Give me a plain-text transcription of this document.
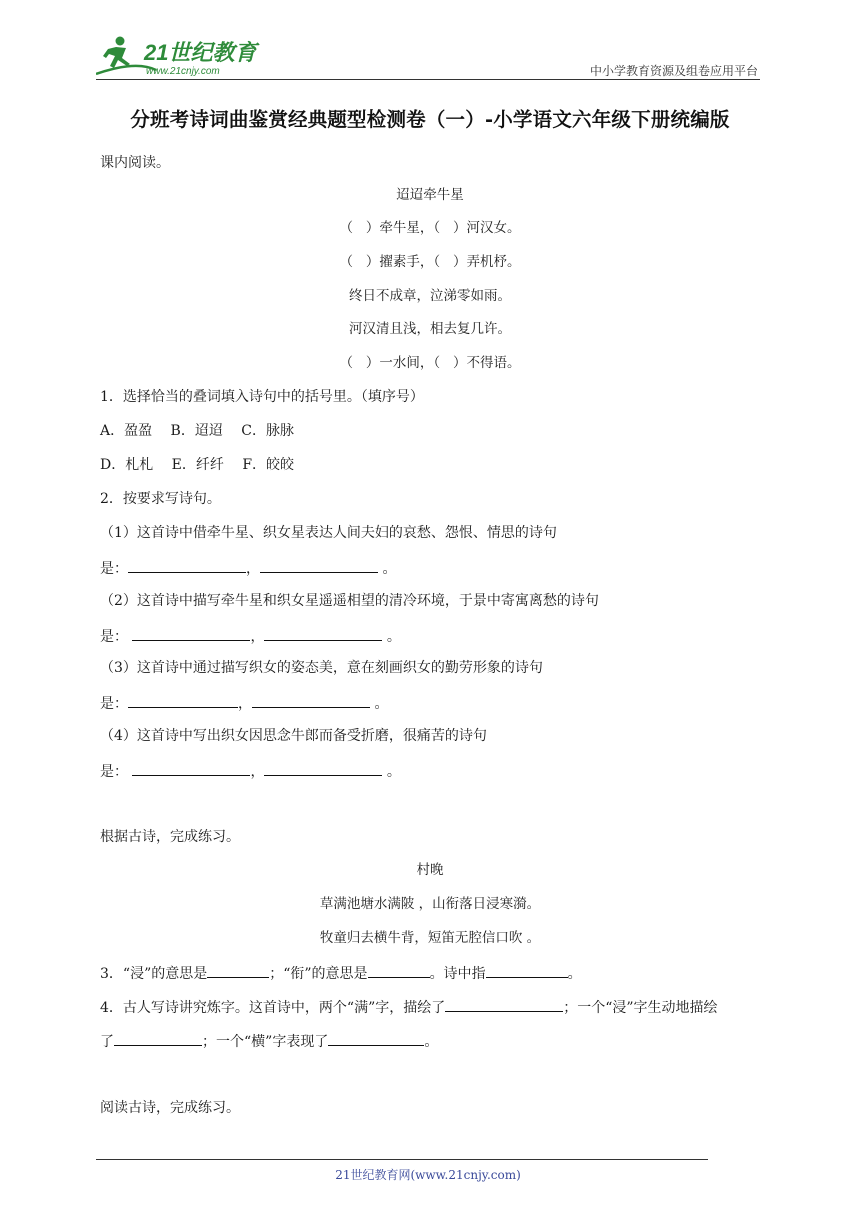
21世纪教育
www.21cnjy.com	中小学教育资源及组卷应用平台
分班考诗词曲鉴赏经典题型检测卷（一）-小学语文六年级下册统编版
课内阅读。
迢迢牵牛星
（   ）牵牛星，（   ）河汉女。
（   ）擢素手，（   ）弄机杼。
终日不成章，泣涕零如雨。
河汉清且浅，相去复几许。
（   ）一水间，（   ）不得语。
1．选择恰当的叠词填入诗句中的括号里。（填序号）
A．盈盈　 B．迢迢　 C．脉脉
D．札札　 E．纤纤　 F．皎皎
2．按要求写诗句。
（1）这首诗中借牵牛星、织女星表达人间夫妇的哀愁、怨恨、情思的诗句
是：	，	。
（2）这首诗中描写牵牛星和织女星遥遥相望的清冷环境，于景中寄寓离愁的诗句
是：	，	。
（3）这首诗中通过描写织女的姿态美，意在刻画织女的勤劳形象的诗句
是：	，	。
（4）这首诗中写出织女因思念牛郎而备受折磨，很痛苦的诗句
是：	，	。
根据古诗，完成练习。
村晚
草满池塘水满陂 ，山衔落日浸寒漪。
牧童归去横牛背，短笛无腔信口吹 。
3．“浸”的意思是	；“衔”的意思是	。诗中指	。
4．古人写诗讲究炼字。这首诗中，两个“满”字，描绘了	；一个“浸”字生动地描绘
了	；一个“横”字表现了	。
阅读古诗，完成练习。
21世纪教育网(www.21cnjy.com)
